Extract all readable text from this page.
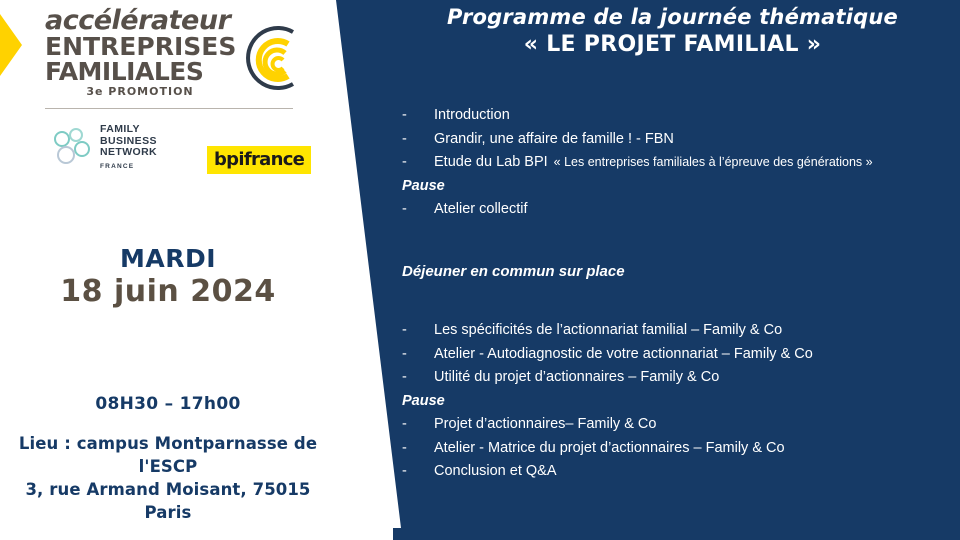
accélérateur
ENTREPRISES
FAMILIALES
3e PROMOTION
FAMILY
BUSINESS
NETWORK
FRANCE	bpifrance
MARDI
18 juin 2024
08H30 – 17h00
Lieu : campus Montparnasse de l'ESCP
3, rue Armand Moisant, 75015 Paris
Programme de la journée thématique
« LE PROJET FAMILIAL »
-	Introduction
-	Grandir, une affaire de famille ! - FBN
-	Etude du Lab BPI « Les entreprises familiales à l’épreuve des générations »
Pause
-	Atelier collectif
Déjeuner en commun sur place
-	Les spécificités de l’actionnariat familial – Family & Co
-	Atelier - Autodiagnostic de votre actionnariat – Family & Co
-	Utilité du projet d’actionnaires – Family & Co
Pause
-	Projet d’actionnaires– Family & Co
-	Atelier - Matrice du projet d’actionnaires – Family & Co
-	Conclusion et Q&A
